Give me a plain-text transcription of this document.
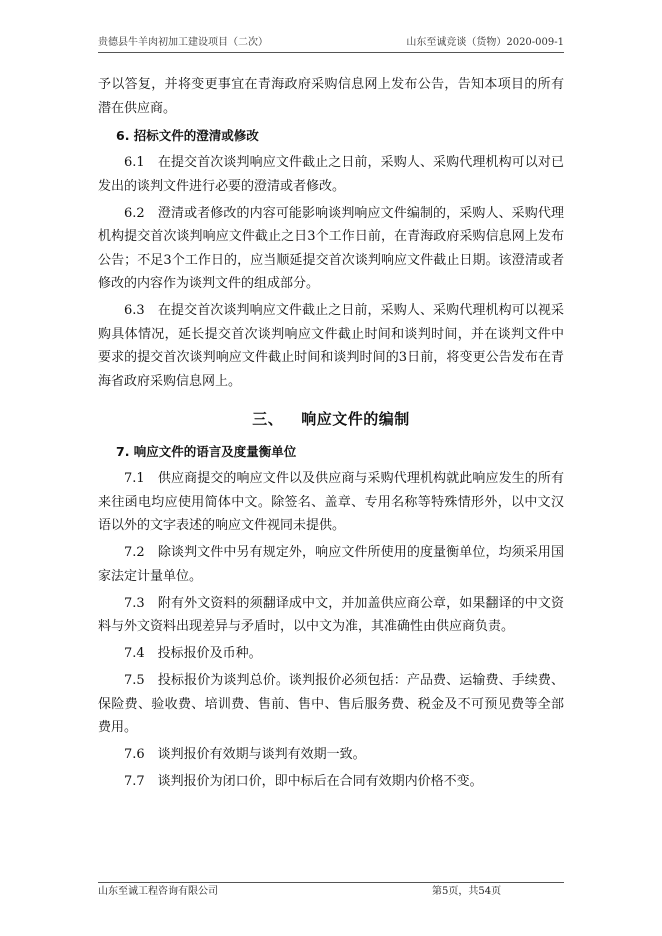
贵德县牛羊肉初加工建设项目（二次）	山东至诚竞谈（货物）2020-009-1

予以答复，并将变更事宜在青海政府采购信息网上发布公告，告知本项目的所有潜在供应商。

6. 招标文件的澄清或修改

6.1　在提交首次谈判响应文件截止之日前，采购人、采购代理机构可以对已发出的谈判文件进行必要的澄清或者修改。

6.2　澄清或者修改的内容可能影响谈判响应文件编制的，采购人、采购代理机构提交首次谈判响应文件截止之日3个工作日前，在青海政府采购信息网上发布公告；不足3个工作日的，应当顺延提交首次谈判响应文件截止日期。该澄清或者修改的内容作为谈判文件的组成部分。

6.3　在提交首次谈判响应文件截止之日前，采购人、采购代理机构可以视采购具体情况，延长提交首次谈判响应文件截止时间和谈判时间，并在谈判文件中要求的提交首次谈判响应文件截止时间和谈判时间的3日前，将变更公告发布在青海省政府采购信息网上。

三、 响应文件的编制
7. 响应文件的语言及度量衡单位

7.1　供应商提交的响应文件以及供应商与采购代理机构就此响应发生的所有来往函电均应使用简体中文。除签名、盖章、专用名称等特殊情形外，以中文汉语以外的文字表述的响应文件视同未提供。

7.2　除谈判文件中另有规定外，响应文件所使用的度量衡单位，均须采用国家法定计量单位。

7.3　附有外文资料的须翻译成中文，并加盖供应商公章，如果翻译的中文资料与外文资料出现差异与矛盾时，以中文为准，其准确性由供应商负责。

7.4　投标报价及币种。

7.5　投标报价为谈判总价。谈判报价必须包括：产品费、运输费、手续费、保险费、验收费、培训费、售前、售中、售后服务费、税金及不可预见费等全部费用。

7.6　谈判报价有效期与谈判有效期一致。

7.7　谈判报价为闭口价，即中标后在合同有效期内价格不变。

山东至诚工程咨询有限公司	第5页，共54页
